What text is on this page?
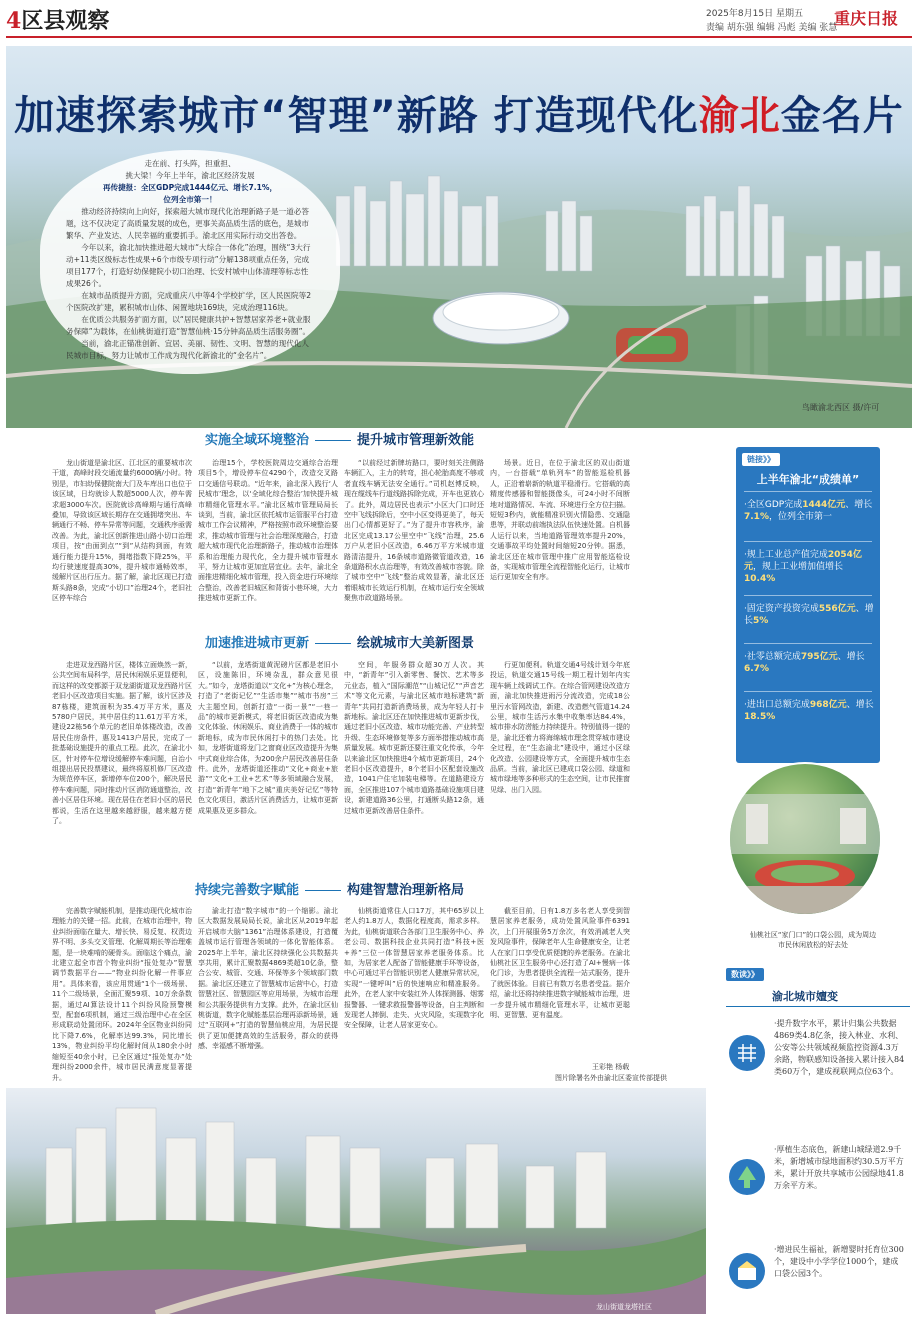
4区县观察	2025年8月15日 星期五
责编 胡东强 编辑 冯彪 美编 张慧
重庆日报
加速探索城市“智理”新路 打造现代化渝北金名片
鸟瞰渝北西区 摄/许可

走在前、打头阵，担重担、

挑大梁！今年上半年，渝北区经济发展

再传捷报：全区GDP完成1444亿元、增长7.1%，

位列全市第一！

推动经济持续向上向好，探索超大城市现代化治理新路子是一道必答题，这不仅决定了高质量发展的成色，更事关高品质生活的底色，是城市繁华、产业发达、人民幸福的重要抓手。渝北区用实际行动交出答卷。

今年以来，渝北加快推进超大城市“大综合一体化”治理，围绕“3大行动+11类区级标志性成果+6个市级专项行动”分解138项重点任务，完成项目177个，打造好幼保健院小切口治理、长安村城中山体清理等标志性成果26个。

在城市品质提升方面，完成重庆八中等4个学校扩学，区人民医院等2个医院改扩建，累积城市山体、闲置地块169块，完成治理116块。

在优质公共服务扩面方面，以“居民健康共护+智慧居家养老+就业服务保障”为载体，在仙桃街道打造“智慧仙桃·15分钟高品质生活服务圈”。

当前，渝北正锚准创新、宜居、美丽、韧性、文明、智慧的现代化人民城市目标，努力让城市工作成为现代化新渝北的“金名片”。

实施全域环境整治	提升城市管理新效能

龙山街道是渝北区、江北区的重要城市次干道，高峰时段交通流量约6000辆/小时。特别是，市妇幼保健院南大门及车库出口也位于该区域，日均就诊人数超5000人次，停车需求超3000车次。医院就诊高峰期与通行高峰叠加，导致该区域长期存在交通拥堵突出、车辆通行不畅、停车异常等问题，交通秩序亟需改善。为此，渝北区创新推进山路小切口治理项目，按“由面到点”“到”从结构到面，有效通行能力提升15%，拥堵指数下降25%，平均行驶速度提高30%，提升城市通畅效率，缓解片区出行压力。据了解，渝北区现已打造斯头路8条，完成“小切口”治理24个，老旧社区停车综合

治理15个，学校医院周边交通综合治理项目5个，增设停车位4290个，改造交叉路口交通信号联动。“近年来，渝北深入践行‘人民城市’理念，以‘全域化综合整治’加快提升城市精细化管理水平。”渝北区城市管理局局长谈到，当前，渝北区依托城市运管服平台打造城市工作会议精神，严格按照市政环境整治要求，推动城市管理与社会治理深度融合，打造超大城市现代化治理新路子，推动城市治理体系和治理能力现代化，全力提升城市管理水平，努力让城市更加宜居宜业。去年，渝北全面推进精细化城市管理，投入资金进行环境综合整治，改善老旧城区和背街小巷环境，大力推进城市更新工作。

“以前经过新牌坊路口，要时刻关注侧路车辆汇入，主力的转弯，担心轮胎高度不够或者直线车辆无法安全通行。”司机赵博反映，现在缆线车行道线路拆除完成，开车也更放心了。此外，周边居民也表示“小区大门口时还空中飞线拆除后，空中小区变得更美了，每天出门心情都更好了。”为了提升市容秩序，渝北区完成13.17公里空中“飞线”治理，25.6万户从老旧小区改造，6.46万平方米城市道路清洁提升，16条城市道路微管道改造，16条道路积水点治理等，有效改善城市容貌。除了城市空中“飞线”整治成效显著，渝北区还着眼城市长效运行机制，在城市运行安全领域聚焦市政道路场景。

场景。近日，在位于渝北区的双山街道内，一台搭载“单轨列车”的智能巡检机器人，正沿着崭新的轨道平稳滑行。它搭载的高精度传感器和智能摄像头，可24小时不间断地对道路情况、车流、环境进行全方位扫描。短短3秒内，就能精准识别火情隐患、交通隐患等，并联动前端执法队伍快速处置。自机器人运行以来，当地道路管理效率提升20%，交通事故平均处置时间缩短20分钟。据悉，渝北区还在城市管理中推广应用智能巡检设备，实现城市管理全流程智能化运行，让城市运行更加安全有序。

加速推进城市更新	绘就城市大美新图景

走进双龙西路片区，楼体立面焕然一新，公共空间布局科学，居民休闲娱乐更显便利，而这样的改变都源于双龙湖街道双龙西路片区老旧小区改造项目实施。据了解，该片区涉及87栋楼，建筑面积为35.4万平方米，惠及5780户居民，其中居住约11.61万平方米，建设22栋56个单元的老旧单体楼改造，改善居民住房条件，惠及1413户居民，完成了一批基础设施提升的重点工程。此次，在渝北小区，针对停车位增设缓解停车难问题，自治小组提出居民投票建议，最终将原机修厂区改造为规范停车区，新增停车位200个，解决居民停车难问题，同时推动片区消防通道整治，改善小区居住环境。现在居住在老旧小区的居民都说，生活在这里越来越舒服，越来越方便了。

“以前，龙塔街道黄泥磅片区都是老旧小区，设施陈旧，环境杂乱，群众意见很大。”如今，龙塔街道以“文化+”为核心理念，打造了“老街记忆”“生活市集”“城市书房”三大主题空间，创新打造“一街一景”“一巷一品”的城市更新模式，将老旧街区改造成为集文化体验、休闲娱乐、商业消费于一体的城市新地标，成为市民休闲打卡的热门去处。比如，龙塔街道将龙门之窗商业区改造提升为集中式商业综合体，为200余户居民改善居住条件。此外，龙塔街道还推动“文化+商业+旅游”“文化+工业+艺术”等多领域融合发展，打造“新青年”地下之城“重庆美好记忆”等特色文化项目，激活片区消费活力，让城市更新成果惠及更多群众。

空间，年服务群众超30万人次。其中，“新青年”引入新零售、餐饮、艺术等多元业态，植入“国际潮范”“山城记忆”“声音艺术”等文化元素，与渝北区城市地标建筑“新青年”共同打造新消费场景，成为年轻人打卡新地标。渝北区还在加快推进城市更新步伐，通过老旧小区改造、城市功能完善、产业转型升级、生态环境修复等多方面举措推动城市高质量发展。城市更新还要注重文化传承，今年以来渝北区加快推进4个城市更新项目，24个老旧小区改造提升，8个老旧小区配套设施改造，1041户住宅加装电梯等。在道路建设方面，全区推进107个城市道路基础设施项目建设，新建道路36公里，打通断头路12条，通过城市更新改善居住条件。

行更加便利。轨道交通4号线计划今年底投运，轨道交通15号线一期工程计划年内实现车辆上线调试工作。在综合管网建设改造方面，渝北加快推进雨污分流改造，完成18公里污水管网改造，新建、改造燃气管道14.24公里，城市生活污水集中收集率达84.4%，城市排水防涝能力持续提升。特别值得一提的是，渝北还着力将海绵城市理念贯穿城市建设全过程，在“生态渝北”建设中，通过小区绿化改造、公园建设等方式，全面提升城市生态品质。当前，渝北区已建成口袋公园、绿道和城市绿地等多种形式的生态空间，让市民推窗见绿、出门入园。

持续完善数字赋能	构建智慧治理新格局

完善数字赋能机制，是推动现代化城市治理能力的关键一招。此前，在城市治理中，物业纠纷面临在量大、增长快、易反复、权责边界不明、多头交叉管理、化解周期长等治理难题，是一块难啃的硬骨头。面临这个痛点，渝北建立起全市首个物业纠纷“报处复办”智慧调节数据平台——“物业纠纷化解一件事应用”。具体来看，该应用贯通“1个一级场景、11个二级场景，全面汇聚59项、10万余条数据，通过AI算法设计11个纠纷风险预警模型，配套6项机制，通过三级治理中心在全区形成联动处置闭环。2024年全区物业纠纷同比下降7.6%，化解率达99.3%，同比增长13%，物业纠纷平均化解时间从180余小时缩短至40余小时，已全区通过“报处复办”处理纠纷2000余件，城市居民满意度显著提升。

渝北打造“数字城市”的一个缩影。渝北区大数据发展局局长说，渝北区从2019年起开启城市大脑“1361”治理体系建设，打造覆盖城市运行管理各领域的一体化智能体系。2025年上半年，渝北区持续强化公共数据共享共用，累计汇聚数据4869类超10亿条，整合公安、城管、交通、环保等多个领域部门数据。渝北区还建立了智慧城市运营中心，打造智慧社区、智慧园区等应用场景，为城市治理和公共服务提供有力支撑。此外，在渝北区仙桃街道，数字化赋能基层治理再添新场景，通过“互联网+”打造的智慧仙桃应用，为居民提供了更加便捷高效的生活服务，群众的获得感、幸福感不断增强。

仙桃街道常住人口17万，其中65岁以上老人约1.8万人，数据化程度高，需求多样。为此，仙桃街道联合各部门卫生服务中心、养老公司、数据科技企业共同打造“科技+医+养”三位一体智慧居家养老服务体系。比如，为居家老人配备了智能健康手环等设备，中心可通过平台智能识别老人健康异常状况，实现“一键呼叫”后的快速响应和精准服务。此外，在老人家中安装红外人体探测器、烟雾报警器、一键求救报警器等设备，自主判断和发现老人摔倒、走失、火灾风险，实现数字化安全保障，让老人居家更安心。

截至目前，日有1.8万多名老人享受到智慧居家养老服务，成功处置风险事件6391次，上门开展服务5万余次，有效消减老人突发风险事件，保障老年人生命健康安全，让老人在家门口享受优质便捷的养老服务。在渝北仙桃社区卫生服务中心还打造了AI+慢病一体化门诊，为患者提供全流程一站式服务，提升了就医体验。目前已有数万名患者受益。据介绍，渝北还将持续推进数字赋能城市治理，进一步提升城市精细化管理水平，让城市更聪明、更智慧、更有温度。

王彩艳 杨载
图片除署名外由渝北区委宣传部提供
链接》》
上半年渝北“成绩单”
·全区GDP完成1444亿元、增长7.1%，位列全市第一
·规上工业总产值完成2054亿元，规上工业增加值增长10.4%
·固定资产投资完成556亿元、增长5%
·社零总额完成795亿元、增长6.7%
·进出口总额完成968亿元、增长18.5%
仙桃社区“家门口”的口袋公园，成为周边市民休闲放松的好去处
龙山街道龙塔社区
数读》》
渝北城市嬗变
·提升数字水平，累计归集公共数据4869类4.8亿条，接入林业、水利、公安等公共领域视频监控资源4.3万余路，物联感知设备接入累计接入84类60万个，建成视联网点位63个。
·厚植生态底色，新建山城绿道2.9千米，新增城市绿地面积约30.5万平方米，累计开放共享城市公园绿地41.8万余平方米。
·增进民生福祉，新增婴时托育位300个，建设中小学学位1000个，建成口袋公园3个。
